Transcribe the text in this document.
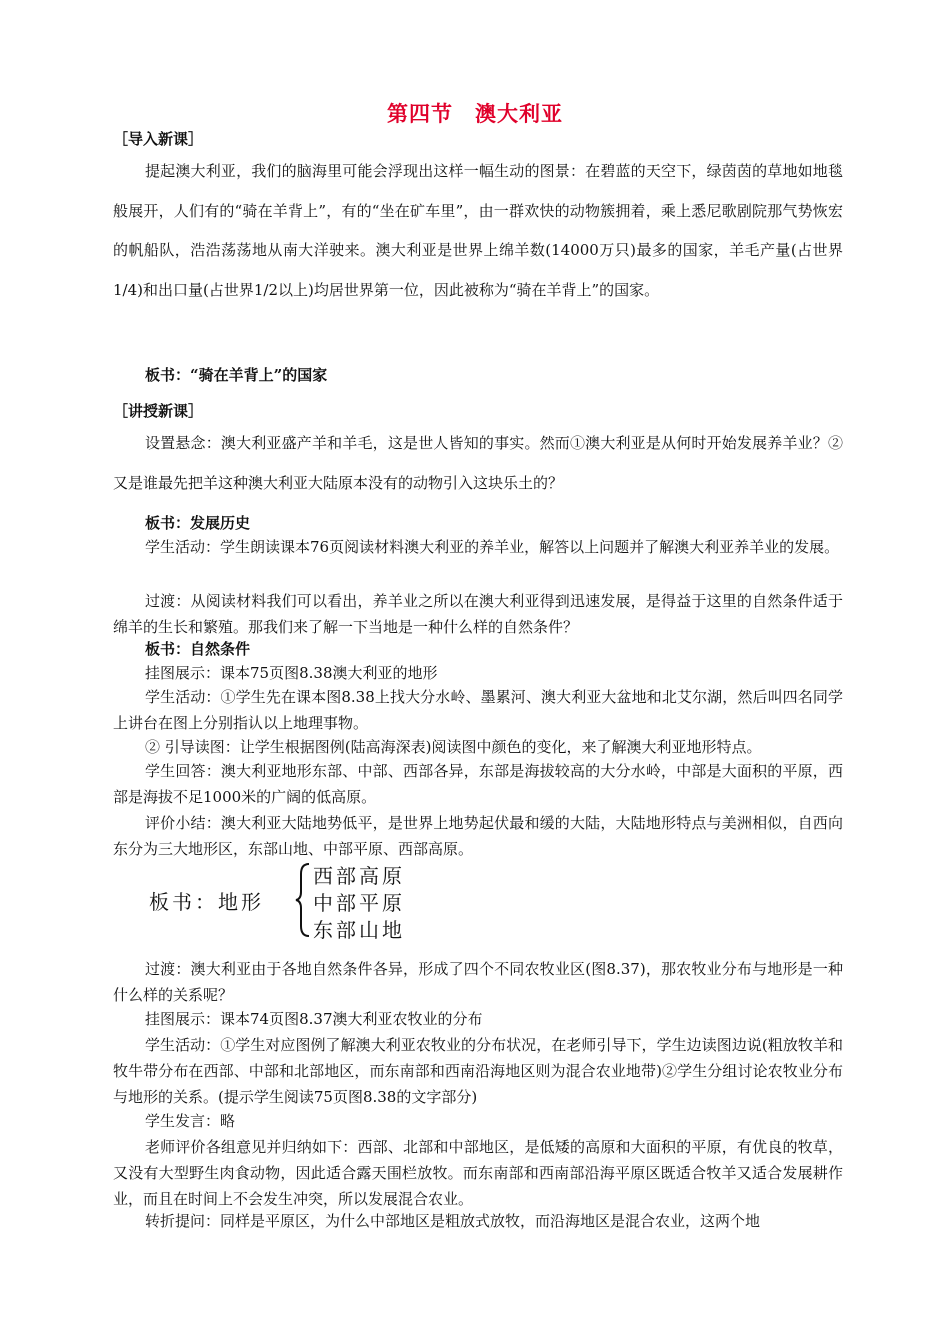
第四节　澳大利亚
［导入新课］
提起澳大利亚，我们的脑海里可能会浮现出这样一幅生动的图景：在碧蓝的天空下，绿茵茵的草地如地毯般展开，人们有的“骑在羊背上”，有的“坐在矿车里”，由一群欢快的动物簇拥着，乘上悉尼歌剧院那气势恢宏的帆船队，浩浩荡荡地从南大洋驶来。澳大利亚是世界上绵羊数(14000万只)最多的国家，羊毛产量(占世界1/4)和出口量(占世界1/2以上)均居世界第一位，因此被称为“骑在羊背上”的国家。
板书：“骑在羊背上”的国家
［讲授新课］
设置悬念：澳大利亚盛产羊和羊毛，这是世人皆知的事实。然而①澳大利亚是从何时开始发展养羊业？②又是谁最先把羊这种澳大利亚大陆原本没有的动物引入这块乐土的？
板书：发展历史
学生活动：学生朗读课本76页阅读材料澳大利亚的养羊业，解答以上问题并了解澳大利亚养羊业的发展。
过渡：从阅读材料我们可以看出，养羊业之所以在澳大利亚得到迅速发展，是得益于这里的自然条件适于绵羊的生长和繁殖。那我们来了解一下当地是一种什么样的自然条件？
板书：自然条件
挂图展示：课本75页图8.38澳大利亚的地形
学生活动：①学生先在课本图8.38上找大分水岭、墨累河、澳大利亚大盆地和北艾尔湖，然后叫四名同学上讲台在图上分别指认以上地理事物。
② 引导读图：让学生根据图例(陆高海深表)阅读图中颜色的变化，来了解澳大利亚地形特点。
学生回答：澳大利亚地形东部、中部、西部各异，东部是海拔较高的大分水岭，中部是大面积的平原，西部是海拔不足1000米的广阔的低高原。
评价小结：澳大利亚大陆地势低平，是世界上地势起伏最和缓的大陆，大陆地形特点与美洲相似，自西向东分为三大地形区，东部山地、中部平原、西部高原。
板书：地形
西部高原
中部平原
东部山地
过渡：澳大利亚由于各地自然条件各异，形成了四个不同农牧业区(图8.37)，那农牧业分布与地形是一种什么样的关系呢？
挂图展示：课本74页图8.37澳大利亚农牧业的分布
学生活动：①学生对应图例了解澳大利亚农牧业的分布状况，在老师引导下，学生边读图边说(粗放牧羊和牧牛带分布在西部、中部和北部地区，而东南部和西南沿海地区则为混合农业地带)②学生分组讨论农牧业分布与地形的关系。(提示学生阅读75页图8.38的文字部分)
学生发言：略
老师评价各组意见并归纳如下：西部、北部和中部地区，是低矮的高原和大面积的平原，有优良的牧草，又没有大型野生肉食动物，因此适合露天围栏放牧。而东南部和西南部沿海平原区既适合牧羊又适合发展耕作业，而且在时间上不会发生冲突，所以发展混合农业。
转折提问：同样是平原区，为什么中部地区是粗放式放牧，而沿海地区是混合农业，这两个地
